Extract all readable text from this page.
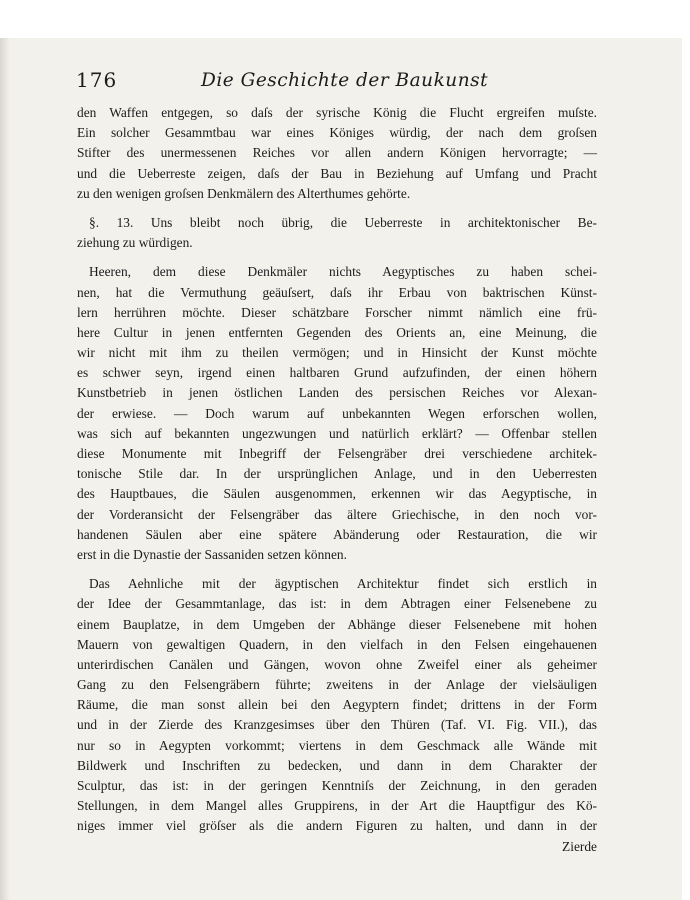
176	Die Geschichte der Baukunst
den Waffen entgegen, so daſs der syrische König die Flucht ergreifen muſste.
Ein solcher Gesammtbau war eines Königes würdig, der nach dem groſsen
Stifter des unermessenen Reiches vor allen andern Königen hervorragte; —
und die Ueberreste zeigen, daſs der Bau in Beziehung auf Umfang und Pracht
zu den wenigen groſsen Denkmälern des Alterthumes gehörte.
§. 13. Uns bleibt noch übrig, die Ueberreste in architektonischer Be-
ziehung zu würdigen.
Heeren, dem diese Denkmäler nichts Aegyptisches zu haben schei-
nen, hat die Vermuthung geäuſsert, daſs ihr Erbau von baktrischen Künst-
lern herrühren möchte. Dieser schätzbare Forscher nimmt nämlich eine frü-
here Cultur in jenen entfernten Gegenden des Orients an, eine Meinung, die
wir nicht mit ihm zu theilen vermögen; und in Hinsicht der Kunst möchte
es schwer seyn, irgend einen haltbaren Grund aufzufinden, der einen höhern
Kunstbetrieb in jenen östlichen Landen des persischen Reiches vor Alexan-
der erwiese. — Doch warum auf unbekannten Wegen erforschen wollen,
was sich auf bekannten ungezwungen und natürlich erklärt? — Offenbar stellen
diese Monumente mit Inbegriff der Felsengräber drei verschiedene architek-
tonische Stile dar. In der ursprünglichen Anlage, und in den Ueberresten
des Hauptbaues, die Säulen ausgenommen, erkennen wir das Aegyptische, in
der Vorderansicht der Felsengräber das ältere Griechische, in den noch vor-
handenen Säulen aber eine spätere Abänderung oder Restauration, die wir
erst in die Dynastie der Sassaniden setzen können.
Das Aehnliche mit der ägyptischen Architektur findet sich erstlich in
der Idee der Gesammtanlage, das ist: in dem Abtragen einer Felsenebene zu
einem Bauplatze, in dem Umgeben der Abhänge dieser Felsenebene mit hohen
Mauern von gewaltigen Quadern, in den vielfach in den Felsen eingehauenen
unterirdischen Canälen und Gängen, wovon ohne Zweifel einer als geheimer
Gang zu den Felsengräbern führte; zweitens in der Anlage der vielsäuligen
Räume, die man sonst allein bei den Aegyptern findet; drittens in der Form
und in der Zierde des Kranzgesimses über den Thüren (Taf. VI. Fig. VII.), das
nur so in Aegypten vorkommt; viertens in dem Geschmack alle Wände mit
Bildwerk und Inschriften zu bedecken, und dann in dem Charakter der
Sculptur, das ist: in der geringen Kenntniſs der Zeichnung, in den geraden
Stellungen, in dem Mangel alles Gruppirens, in der Art die Hauptfigur des Kö-
niges immer viel gröſser als die andern Figuren zu halten, und dann in der
Zierde
